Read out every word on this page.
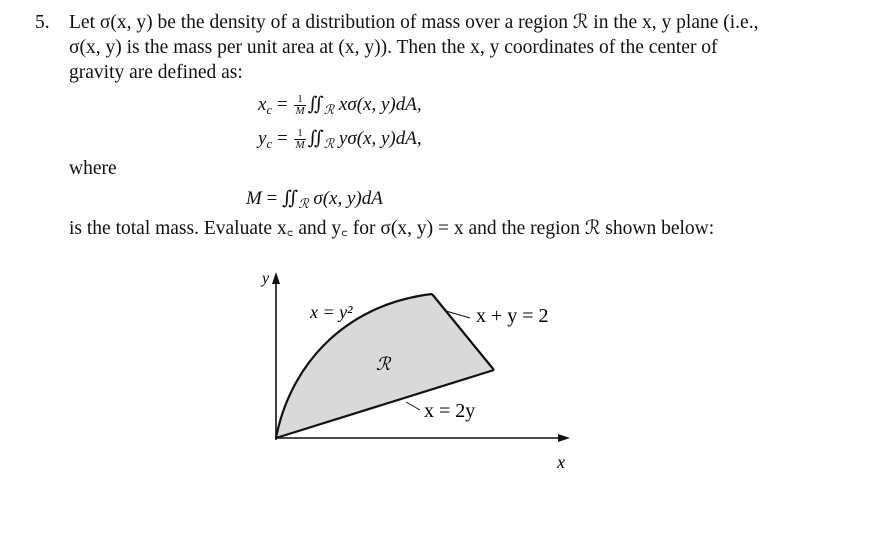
5. Let σ(x, y) be the density of a distribution of mass over a region ℛ in the x, y plane (i.e.,
σ(x, y) is the mass per unit area at (x, y)). Then the x, y coordinates of the center of
gravity are defined as:
$x_c = \frac{1}{M}$ $∬_ℛ$ xσ(x, y)dA,
$y_c = \frac{1}{M}$ $∬_ℛ$ yσ(x, y)dA,
where
$M = ∬_ℛ$ σ(x, y)dA
is the total mass. Evaluate x꜀ and y꜀ for σ(x, y) = x and the region ℛ shown below:
y
x
x = y²	x + y = 2
x = 2y
ℛ
